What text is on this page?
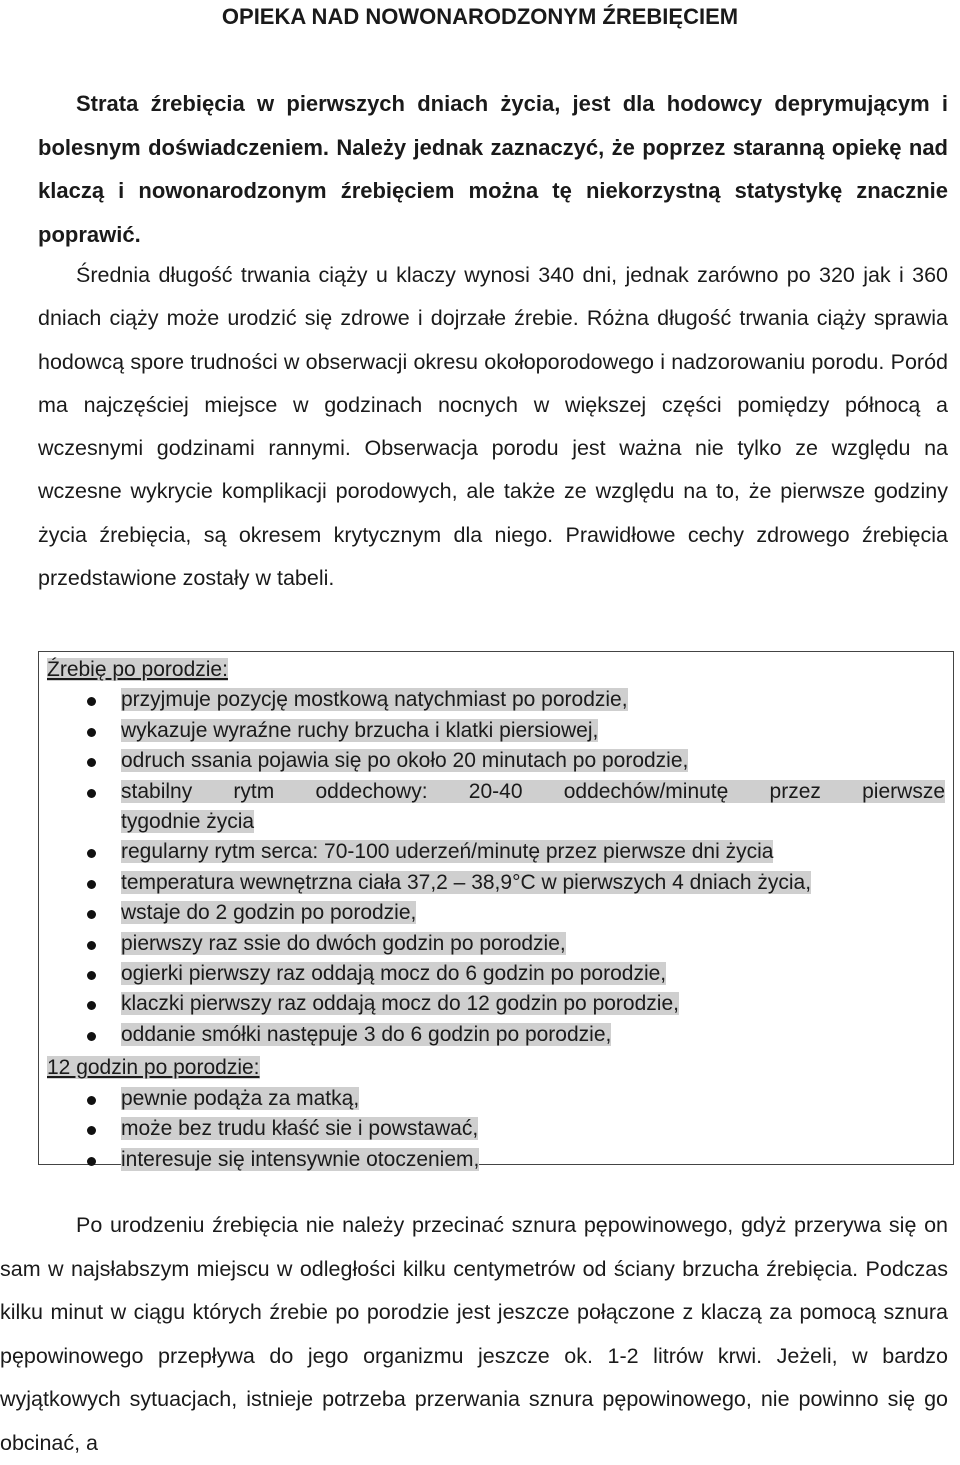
OPIEKA NAD NOWONARODZONYM ŹREBIĘCIEM

Strata źrebięcia w pierwszych dniach życia, jest dla hodowcy deprymującym i bolesnym doświadczeniem. Należy jednak zaznaczyć, że poprzez staranną opiekę nad klaczą i nowonarodzonym źrebięciem można tę niekorzystną statystykę znacznie poprawić.

Średnia długość trwania ciąży u klaczy wynosi 340 dni, jednak zarówno po 320 jak i 360 dniach ciąży może urodzić się zdrowe i dojrzałe źrebie. Różna długość trwania ciąży sprawia hodowcą spore trudności w obserwacji okresu okołoporodowego i nadzorowaniu porodu. Poród ma najczęściej miejsce w godzinach nocnych w większej części pomiędzy północą a wczesnymi godzinami rannymi. Obserwacja porodu jest ważna nie tylko ze względu na wczesne wykrycie komplikacji porodowych, ale także ze względu na to, że pierwsze godziny życia źrebięcia, są okresem krytycznym dla niego. Prawidłowe cechy zdrowego źrebięcia przedstawione zostały w tabeli.

Źrebię po porodzie:
przyjmuje pozycję mostkową natychmiast po porodzie,
wykazuje wyraźne ruchy brzucha i klatki piersiowej,
odruch ssania pojawia się po około 20 minutach po porodzie,
stabilny rytm oddechowy: 20-40 oddechów/minutę przez pierwsze
tygodnie życia
regularny rytm serca: 70-100 uderzeń/minutę przez pierwsze dni życia
temperatura wewnętrzna ciała 37,2 – 38,9°C w pierwszych 4 dniach życia,
wstaje do 2 godzin po porodzie,
pierwszy raz ssie do dwóch godzin po porodzie,
ogierki pierwszy raz oddają mocz do 6 godzin po porodzie,
klaczki pierwszy raz oddają mocz do 12 godzin po porodzie,
oddanie smółki następuje 3 do 6 godzin po porodzie,
12 godzin po porodzie:
pewnie podąża za matką,
może bez trudu kłaść sie i powstawać,
interesuje się intensywnie otoczeniem,

Po urodzeniu źrebięcia nie należy przecinać sznura pępowinowego, gdyż przerywa się on sam w najsłabszym miejscu w odległości kilku centymetrów od ściany brzucha źrebięcia. Podczas kilku minut w ciągu których źrebie po porodzie jest jeszcze połączone z klaczą za pomocą sznura pępowinowego przepływa do jego organizmu jeszcze ok. 1-2 litrów krwi. Jeżeli, w bardzo wyjątkowych sytuacjach, istnieje potrzeba przerwania sznura pępowinowego, nie powinno się go obcinać, a
